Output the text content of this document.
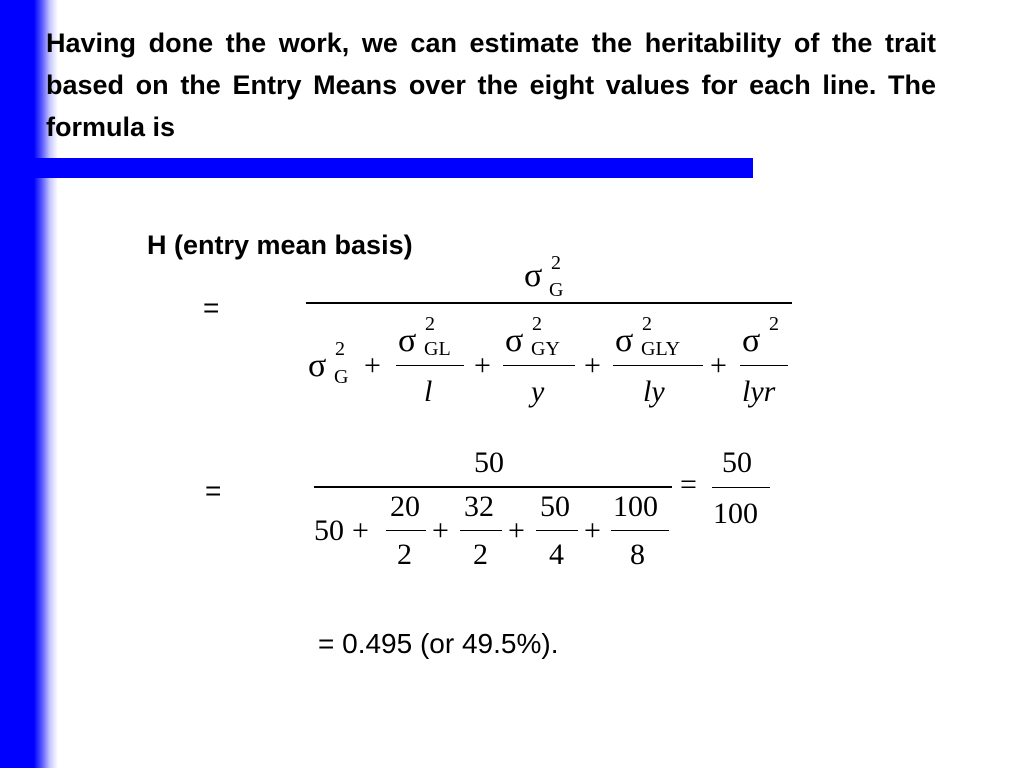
Having done the work, we can estimate the heritability of the trait based on the Entry Means over the eight values for each line. The formula is
H (entry mean basis)
=
σ 2
G
σ 2
G +
σ 2
GL
l
+
σ 2
GY
y
+
σ 2
GLY
ly
+
σ 2
lyr
=
50
50 +
20
2
+
32
2
+
50
4
+
100
8
=
50
100
= 0.495 (or 49.5%).
